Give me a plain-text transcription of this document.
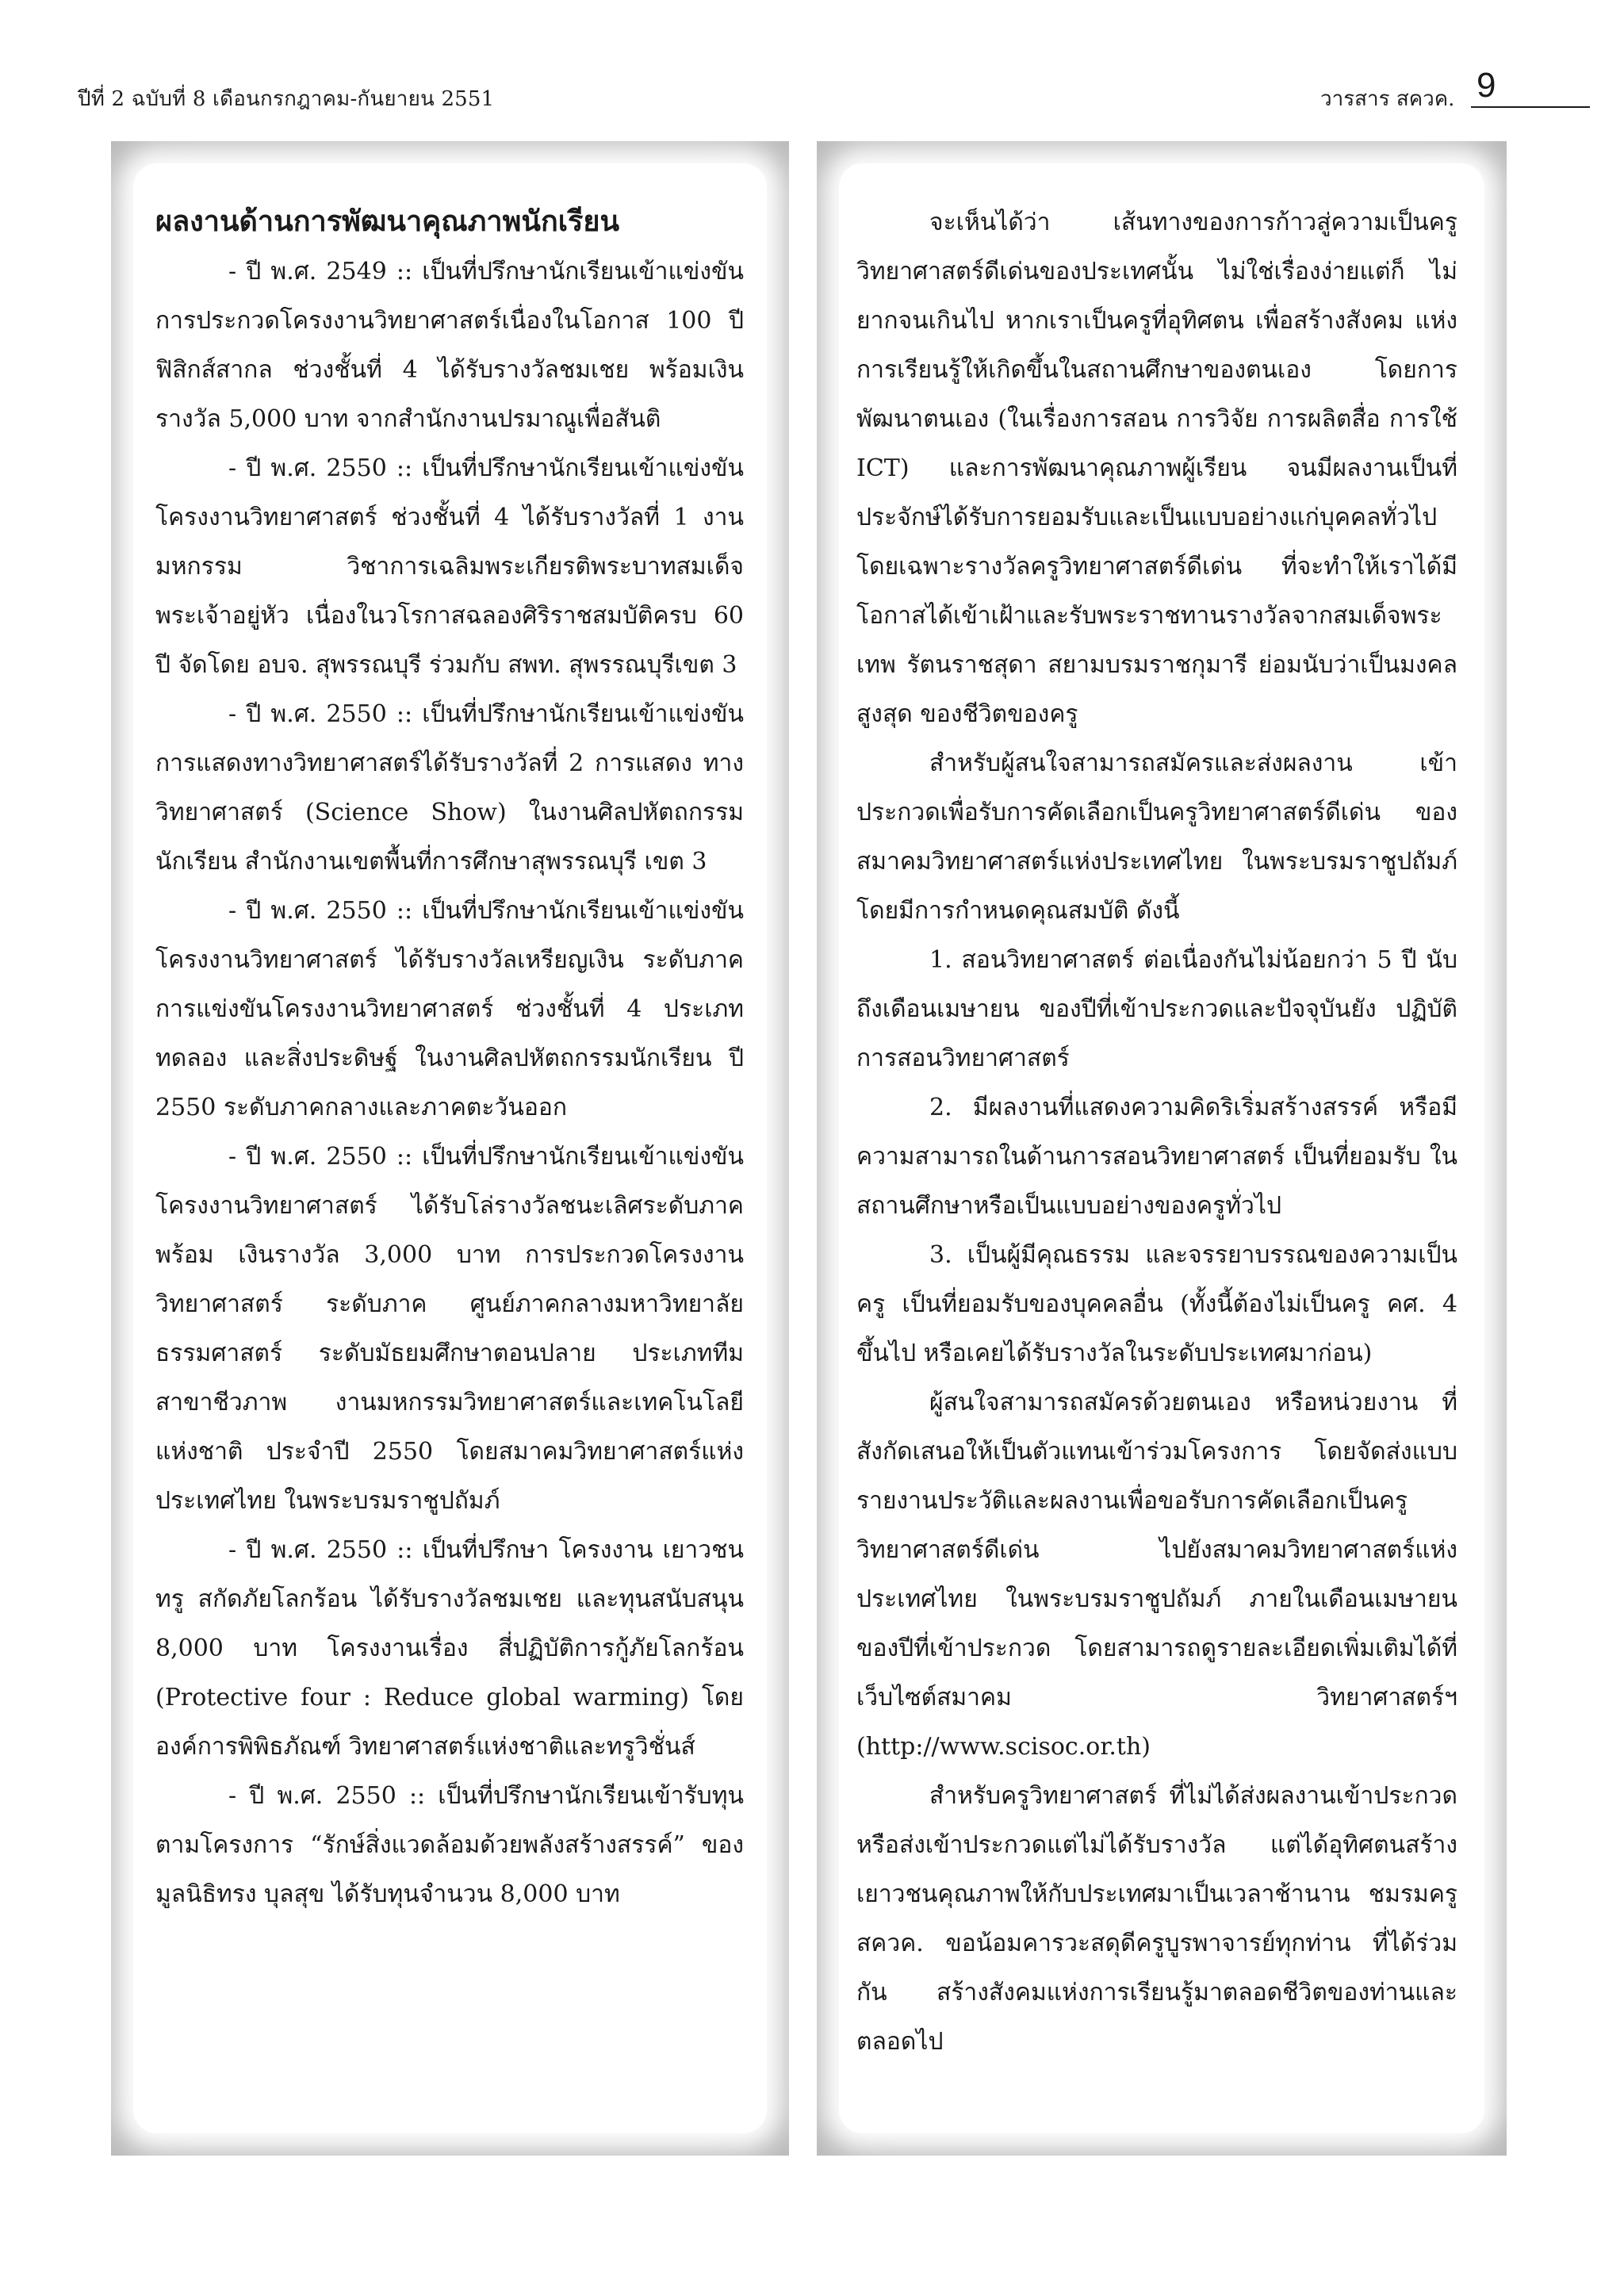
ปีที่ 2 ฉบับที่ 8 เดือนกรกฎาคม-กันยายน 2551	วารสาร สควค. 9
ผลงานด้านการพัฒนาคุณภาพนักเรียน

- ปี พ.ศ. 2549 :: เป็นที่ปรึกษานักเรียนเข้าแข่งขัน การประกวดโครงงานวิทยาศาสตร์เนื่องในโอกาส 100 ปี ฟิสิกส์สากล ช่วงชั้นที่ 4 ได้รับรางวัลชมเชย พร้อมเงินรางวัล 5,000 บาท จากสำนักงานปรมาณูเพื่อสันติ

- ปี พ.ศ. 2550 :: เป็นที่ปรึกษานักเรียนเข้าแข่งขัน โครงงานวิทยาศาสตร์ ช่วงชั้นที่ 4 ได้รับรางวัลที่ 1 งานมหกรรม วิชาการเฉลิมพระเกียรติพระบาทสมเด็จพระเจ้าอยู่หัว เนื่องในวโรกาสฉลองศิริราชสมบัติครบ 60 ปี จัดโดย อบจ. สุพรรณบุรี ร่วมกับ สพท. สุพรรณบุรีเขต 3

- ปี พ.ศ. 2550 :: เป็นที่ปรึกษานักเรียนเข้าแข่งขัน การแสดงทางวิทยาศาสตร์ได้รับรางวัลที่ 2 การแสดง ทางวิทยาศาสตร์ (Science Show) ในงานศิลปหัตถกรรม นักเรียน สำนักงานเขตพื้นที่การศึกษาสุพรรณบุรี เขต 3

- ปี พ.ศ. 2550 :: เป็นที่ปรึกษานักเรียนเข้าแข่งขัน โครงงานวิทยาศาสตร์ ได้รับรางวัลเหรียญเงิน ระดับภาค การแข่งขันโครงงานวิทยาศาสตร์ ช่วงชั้นที่ 4 ประเภททดลอง และสิ่งประดิษฐ์ ในงานศิลปหัตถกรรมนักเรียน ปี 2550 ระดับภาคกลางและภาคตะวันออก

- ปี พ.ศ. 2550 :: เป็นที่ปรึกษานักเรียนเข้าแข่งขัน โครงงานวิทยาศาสตร์ ได้รับโล่รางวัลชนะเลิศระดับภาค พร้อม เงินรางวัล 3,000 บาท การประกวดโครงงานวิทยาศาสตร์ ระดับภาค ศูนย์ภาคกลางมหาวิทยาลัย ธรรมศาสตร์ ระดับมัธยมศึกษาตอนปลาย ประเภททีม สาขาชีวภาพ งานมหกรรมวิทยาศาสตร์และเทคโนโลยีแห่งชาติ ประจำปี 2550 โดยสมาคมวิทยาศาสตร์แห่งประเทศไทย ในพระบรมราชูปถัมภ์

- ปี พ.ศ. 2550 :: เป็นที่ปรึกษา โครงงาน เยาวชนทรู สกัดภัยโลกร้อน ได้รับรางวัลชมเชย และทุนสนับสนุน 8,000 บาท โครงงานเรื่อง สี่ปฏิบัติการกู้ภัยโลกร้อน (Protective four : Reduce global warming) โดยองค์การพิพิธภัณฑ์ วิทยาศาสตร์แห่งชาติและทรูวิชั่นส์

- ปี พ.ศ. 2550 :: เป็นที่ปรึกษานักเรียนเข้ารับทุน ตามโครงการ “รักษ์สิ่งแวดล้อมด้วยพลังสร้างสรรค์” ของ มูลนิธิทรง บุลสุข ได้รับทุนจำนวน 8,000 บาท

จะเห็นได้ว่า เส้นทางของการก้าวสู่ความเป็นครู วิทยาศาสตร์ดีเด่นของประเทศนั้น ไม่ใช่เรื่องง่ายแต่ก็ ไม่ยากจนเกินไป หากเราเป็นครูที่อุทิศตน เพื่อสร้างสังคม แห่งการเรียนรู้ให้เกิดขึ้นในสถานศึกษาของตนเอง โดยการ พัฒนาตนเอง (ในเรื่องการสอน การวิจัย การผลิตสื่อ การใช้ ICT) และการพัฒนาคุณภาพผู้เรียน จนมีผลงานเป็นที่ ประจักษ์ได้รับการยอมรับและเป็นแบบอย่างแก่บุคคลทั่วไป โดยเฉพาะรางวัลครูวิทยาศาสตร์ดีเด่น ที่จะทำให้เราได้มี โอกาสได้เข้าเฝ้าและรับพระราชทานรางวัลจากสมเด็จพระเทพ รัตนราชสุดา สยามบรมราชกุมารี ย่อมนับว่าเป็นมงคลสูงสุด ของชีวิตของครู

สำหรับผู้สนใจสามารถสมัครและส่งผลงาน เข้าประกวดเพื่อรับการคัดเลือกเป็นครูวิทยาศาสตร์ดีเด่น ของสมาคมวิทยาศาสตร์แห่งประเทศไทย ในพระบรมราชูปถัมภ์ โดยมีการกำหนดคุณสมบัติ ดังนี้

1. สอนวิทยาศาสตร์ ต่อเนื่องกันไม่น้อยกว่า 5 ปี นับถึงเดือนเมษายน ของปีที่เข้าประกวดและปัจจุบันยัง ปฏิบัติการสอนวิทยาศาสตร์

2. มีผลงานที่แสดงความคิดริเริ่มสร้างสรรค์ หรือมี ความสามารถในด้านการสอนวิทยาศาสตร์ เป็นที่ยอมรับ ในสถานศึกษาหรือเป็นแบบอย่างของครูทั่วไป

3. เป็นผู้มีคุณธรรม และจรรยาบรรณของความเป็นครู เป็นที่ยอมรับของบุคคลอื่น (ทั้งนี้ต้องไม่เป็นครู คศ. 4 ขึ้นไป หรือเคยได้รับรางวัลในระดับประเทศมาก่อน)

ผู้สนใจสามารถสมัครด้วยตนเอง หรือหน่วยงาน ที่สังกัดเสนอให้เป็นตัวแทนเข้าร่วมโครงการ โดยจัดส่งแบบ รายงานประวัติและผลงานเพื่อขอรับการคัดเลือกเป็นครู วิทยาศาสตร์ดีเด่น ไปยังสมาคมวิทยาศาสตร์แห่งประเทศไทย ในพระบรมราชูปถัมภ์ ภายในเดือนเมษายน ของปีที่เข้าประกวด โดยสามารถดูรายละเอียดเพิ่มเติมได้ที่เว็บไซต์สมาคม วิทยาศาสตร์ฯ (http://www.scisoc.or.th)

สำหรับครูวิทยาศาสตร์ ที่ไม่ได้ส่งผลงานเข้าประกวด หรือส่งเข้าประกวดแต่ไม่ได้รับรางวัล แต่ได้อุทิศตนสร้าง เยาวชนคุณภาพให้กับประเทศมาเป็นเวลาช้านาน ชมรมครู สควค. ขอน้อมคารวะสดุดีครูบูรพาจารย์ทุกท่าน ที่ได้ร่วมกัน สร้างสังคมแห่งการเรียนรู้มาตลอดชีวิตของท่านและตลอดไป
